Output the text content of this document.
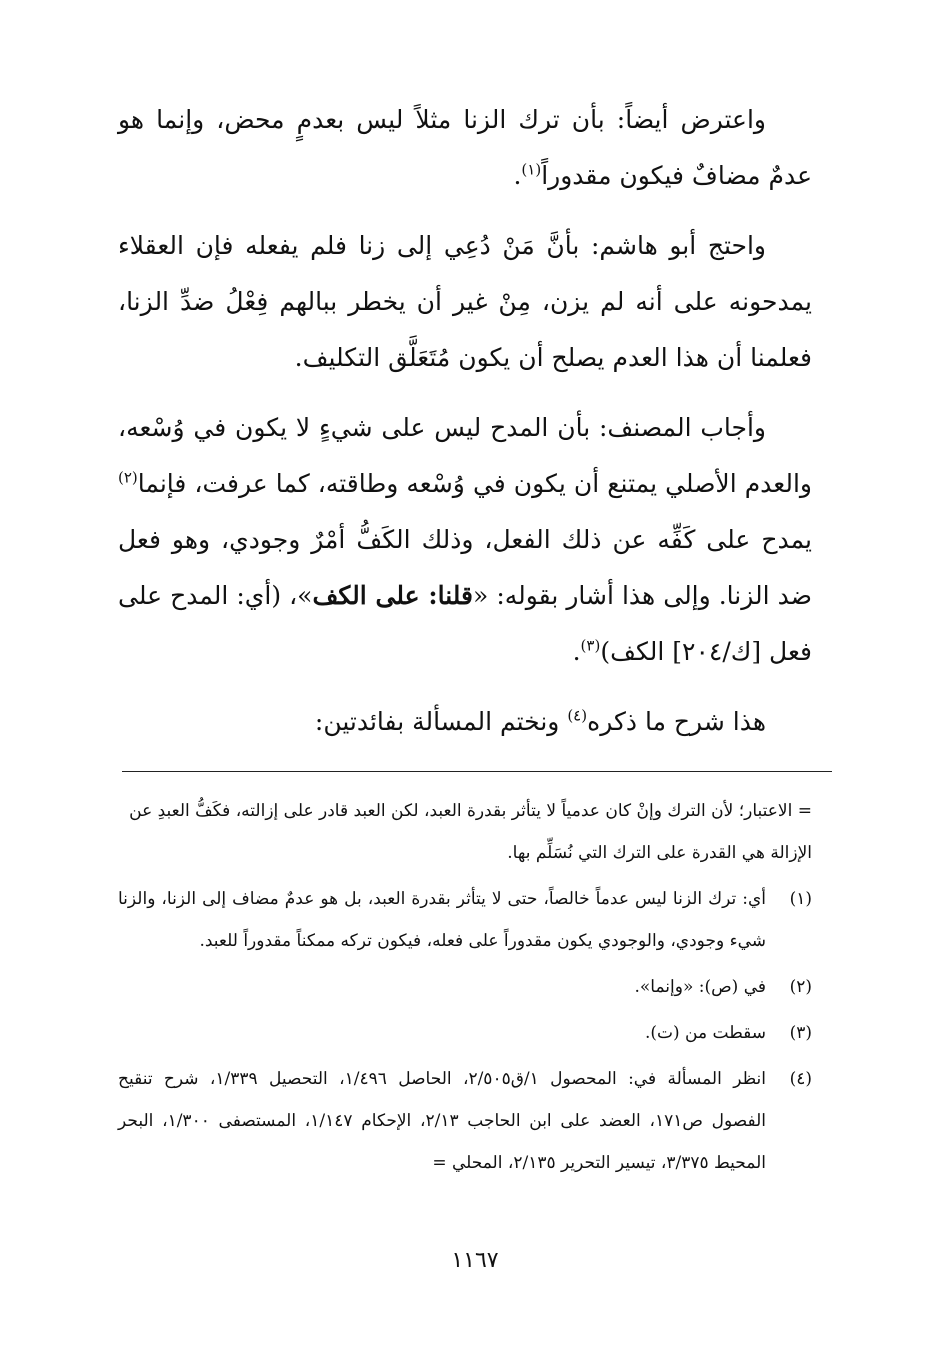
واعترض أيضاً: بأن ترك الزنا مثلاً ليس بعدمٍ محض، وإنما هو عدمٌ مضافٌ فيكون مقدوراً$^{(١)}$.

واحتج أبو هاشم: بأنَّ مَنْ دُعِي إلى زنا فلم يفعله فإن العقلاء يمدحونه على أنه لم يزن، مِنْ غير أن يخطر ببالهم فِعْلُ ضدِّ الزنا، فعلمنا أن هذا العدم يصلح أن يكون مُتَعَلَّق التكليف.

وأجاب المصنف: بأن المدح ليس على شيءٍ لا يكون في وُسْعه، والعدم الأصلي يمتنع أن يكون في وُسْعه وطاقته، كما عرفت، فإنما$^{(٢)}$ يمدح على كَفِّه عن ذلك الفعل، وذلك الكَفُّ أمْرٌ وجودي، وهو فعل ضد الزنا. وإلى هذا أشار بقوله: «قلنا: على الكف»، (أي: المدح على فعل [ك/٢٠٤] الكف)$^{(٣)}$.

هذا شرح ما ذكره$^{(٤)}$ ونختم المسألة بفائدتين:

= الاعتبار؛ لأن الترك وإنْ كان عدمياً لا يتأثر بقدرة العبد، لكن العبد قادر على إزالته، فكَفُّ العبدِ عن الإزالة هي القدرة على الترك التي نُسَلِّم بها.

(١)
أي: ترك الزنا ليس عدماً خالصاً، حتى لا يتأثر بقدرة العبد، بل هو عدمٌ مضاف إلى الزنا، والزنا شيء وجودي، والوجودي يكون مقدوراً على فعله، فيكون تركه ممكناً مقدوراً للعبد.
(٢)
في (ص): «وإنما».
(٣)
سقطت من (ت).
(٤)
انظر المسألة في: المحصول ١/ق٢/٥٠٥، الحاصل ١/٤٩٦، التحصيل ١/٣٣٩، شرح تنقيح الفصول ص١٧١، العضد على ابن الحاجب ٢/١٣، الإحكام ١/١٤٧، المستصفى ١/٣٠٠، البحر المحيط ٣/٣٧٥، تيسير التحرير ٢/١٣٥، المحلي =
١١٦٧
